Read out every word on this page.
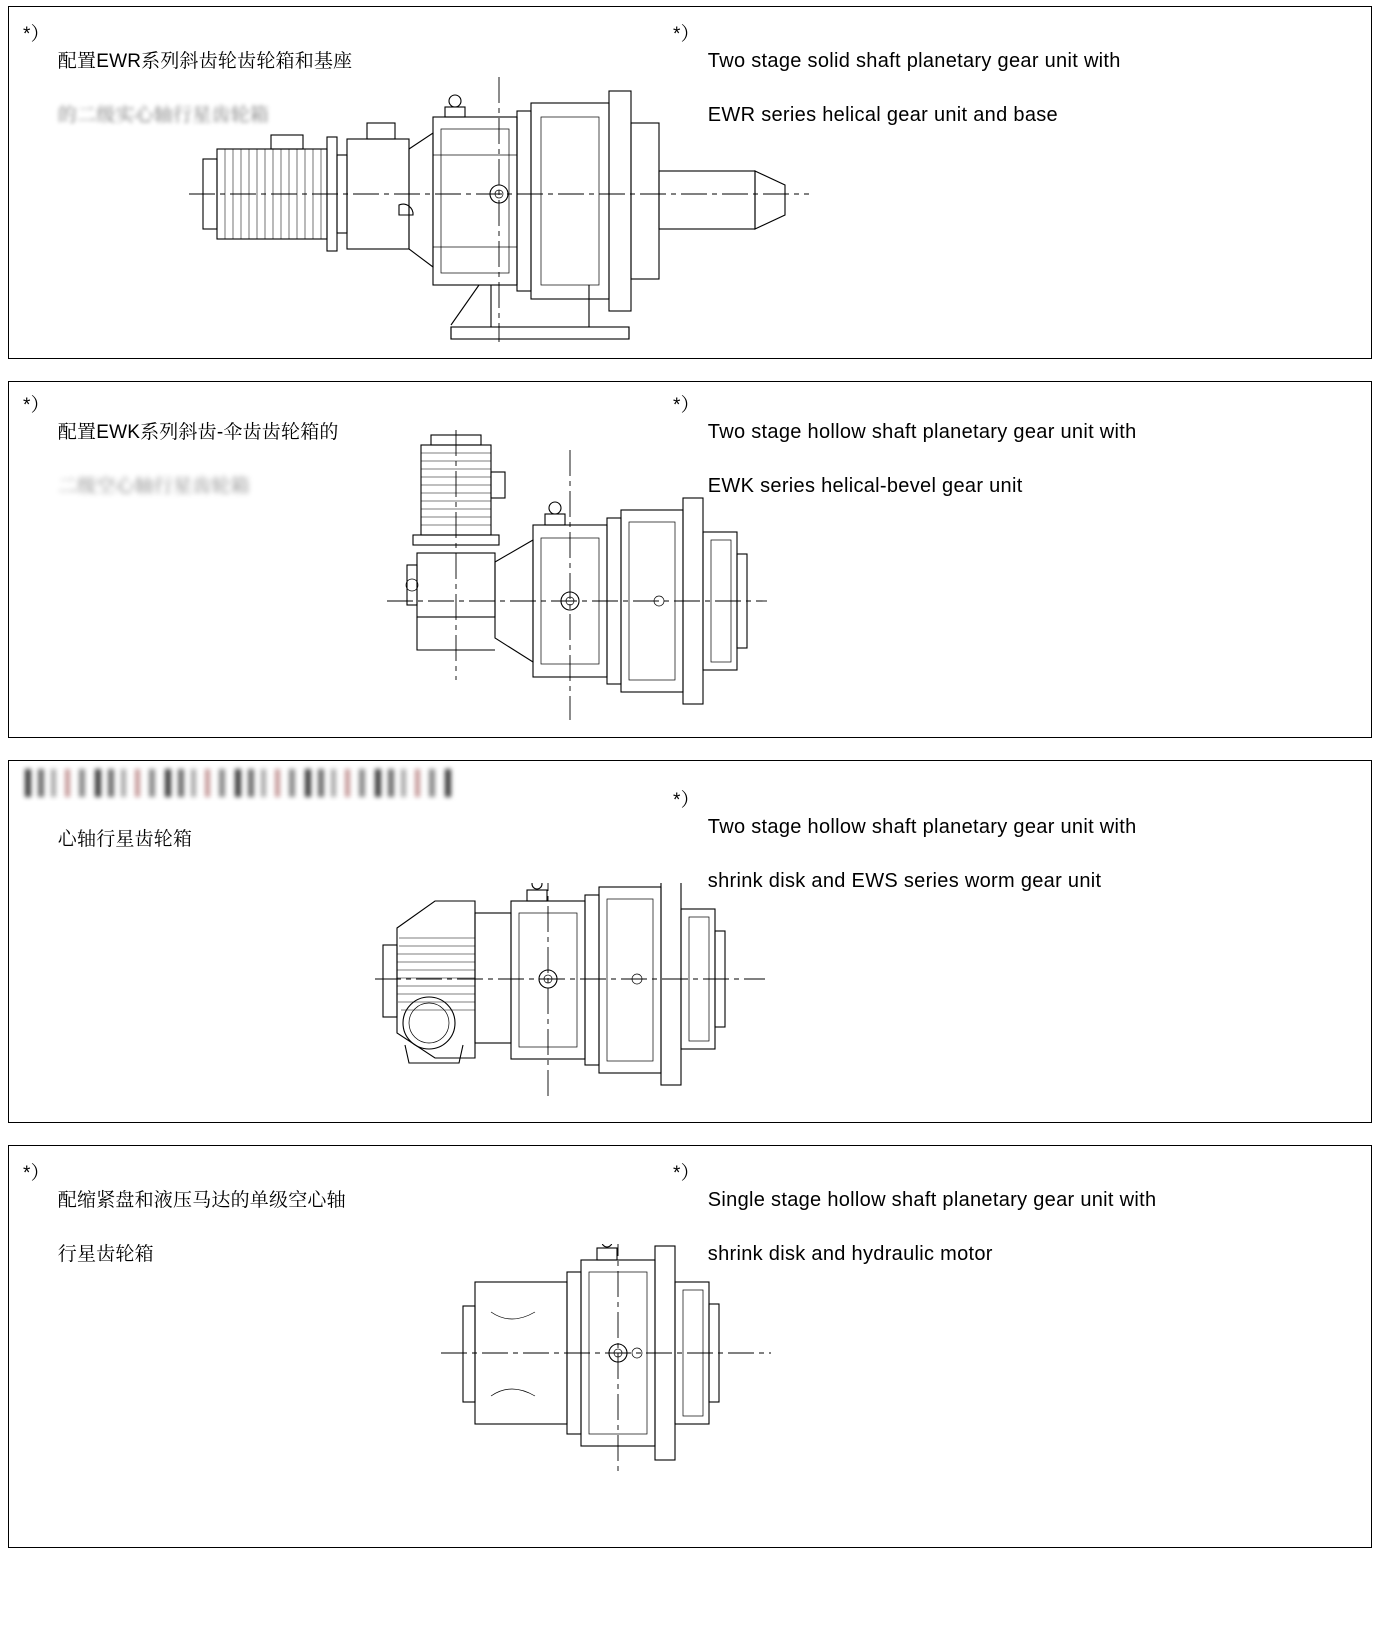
*）

配置EWR系列斜齿轮齿轮箱和基座

的二级实心轴行星齿轮箱

*）

Two stage solid shaft planetary gear unit with

EWR series helical gear unit and base

*）

配置EWK系列斜齿-伞齿齿轮箱的

二级空心轴行星齿轮箱

*）

Two stage hollow shaft planetary gear unit with

EWK series helical-bevel gear unit

心轴行星齿轮箱

*）

Two stage hollow shaft planetary gear unit with

shrink disk and EWS series worm gear unit

*）

配缩紧盘和液压马达的单级空心轴

行星齿轮箱

*）

Single stage hollow shaft planetary gear unit with

shrink disk and hydraulic motor
